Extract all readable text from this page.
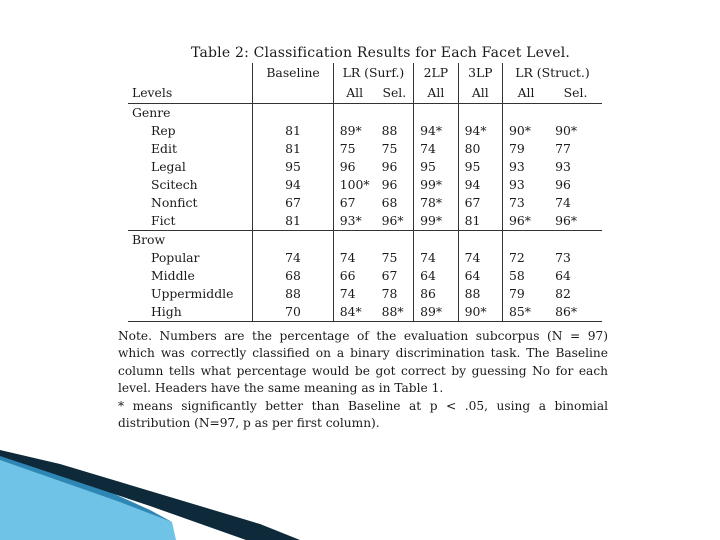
Table 2: Classification Results for Each Facet Level.
	Baseline	LR (Surf.)		2LP	3LP	LR (Struct.)	
Levels		All	Sel.	All	All	All	Sel.
Genre							
Rep	81	89*	88	94*	94*	90*	90*
Edit	81	75	75	74	80	79	77
Legal	95	96	96	95	95	93	93
Scitech	94	100*	96	99*	94	93	96
Nonfict	67	67	68	78*	67	73	74
Fict	81	93*	96*	99*	81	96*	96*
Brow							
Popular	74	74	75	74	74	72	73
Middle	68	66	67	64	64	58	64
Uppermiddle	88	74	78	86	88	79	82
High	70	84*	88*	89*	90*	85*	86*

Note. Numbers are the percentage of the evaluation subcorpus (N = 97) which was correctly classified on a binary discrimination task. The Baseline column tells what percentage would be got correct by guessing No for each level. Headers have the same meaning as in Table 1.

* means significantly better than Baseline at p < .05, using a binomial distribution (N=97, p as per first column).
